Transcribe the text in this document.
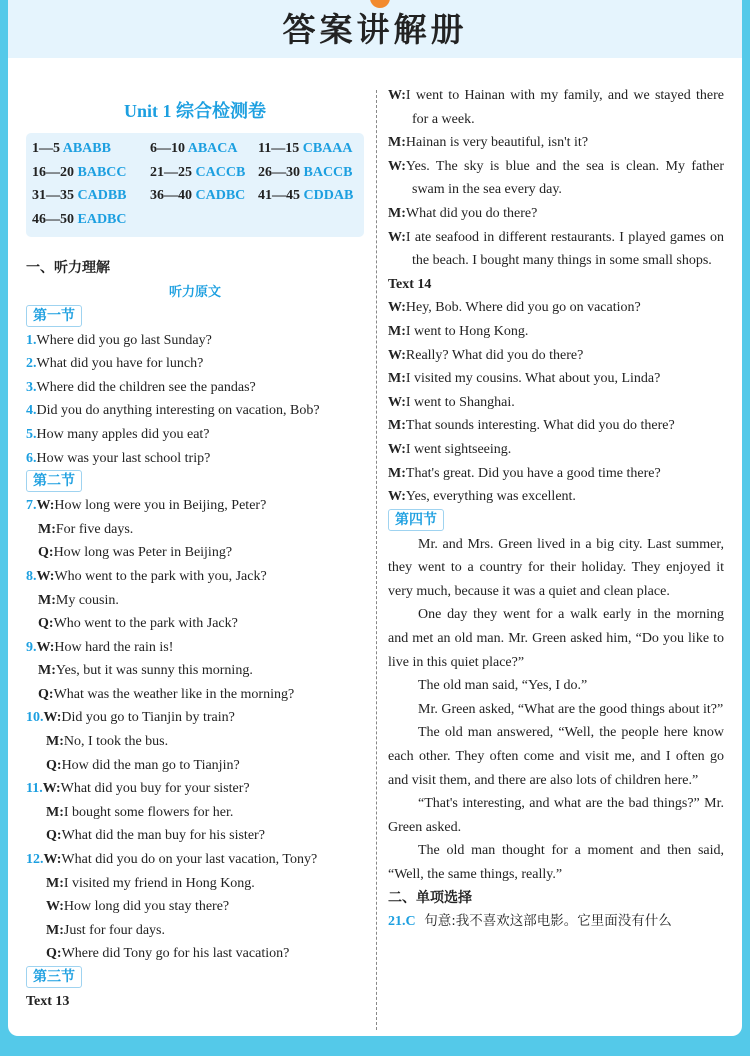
答案讲解册
Unit 1 综合检测卷
1—5 ABABB	6—10 ABACA	11—15 CBAAA
16—20 BABCC	21—25 CACCB 26—30 BACCB
31—35 CADBB	36—40 CADBC 41—45 CDDAB
46—50 EADBC
一、听力理解
听力原文
第一节
1.Where did you go last Sunday?
2.What did you have for lunch?
3.Where did the children see the pandas?
4.Did you do anything interesting on vacation, Bob?
5.How many apples did you eat?
6.How was your last school trip?
第二节
7.W:How long were you in Beijing, Peter?
M:For five days.
Q:How long was Peter in Beijing?
8.W:Who went to the park with you, Jack?
M:My cousin.
Q:Who went to the park with Jack?
9.W:How hard the rain is!
M:Yes, but it was sunny this morning.
Q:What was the weather like in the morning?
10.W:Did you go to Tianjin by train?
M:No, I took the bus.
Q:How did the man go to Tianjin?
11.W:What did you buy for your sister?
M:I bought some flowers for her.
Q:What did the man buy for his sister?
12.W:What did you do on your last vacation, Tony?
M:I visited my friend in Hong Kong.
W:How long did you stay there?
M:Just for four days.
Q:Where did Tony go for his last vacation?
第三节
Text 13
W:I went to Hainan with my family, and we stayed there for a week.
M:Hainan is very beautiful, isn't it?
W:Yes. The sky is blue and the sea is clean. My father swam in the sea every day.
M:What did you do there?
W:I ate seafood in different restaurants. I played games on the beach. I bought many things in some small shops.
Text 14
W:Hey, Bob. Where did you go on vacation?
M:I went to Hong Kong.
W:Really? What did you do there?
M:I visited my cousins. What about you, Linda?
W:I went to Shanghai.
M:That sounds interesting. What did you do there?
W:I went sightseeing.
M:That's great. Did you have a good time there?
W:Yes, everything was excellent.
第四节
Mr. and Mrs. Green lived in a big city. Last summer, they went to a country for their holiday. They enjoyed it very much, because it was a quiet and clean place.
One day they went for a walk early in the morning and met an old man. Mr. Green asked him, “Do you like to live in this quiet place?”
The old man said, “Yes, I do.”
Mr. Green asked, “What are the good things about it?”
The old man answered, “Well, the people here know each other. They often come and visit me, and I often go and visit them, and there are also lots of children here.”
“That's interesting, and what are the bad things?” Mr. Green asked.
The old man thought for a moment and then said, “Well, the same things, really.”
二、单项选择
21.C 句意:我不喜欢这部电影。它里面没有什么
